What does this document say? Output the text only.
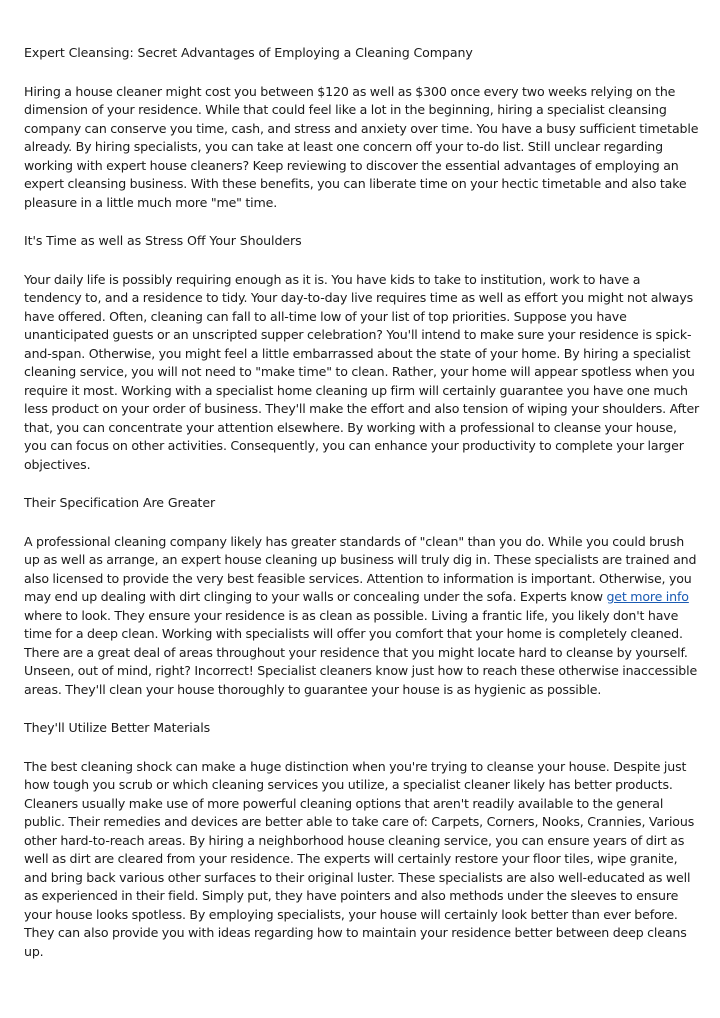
Expert Cleansing: Secret Advantages of Employing a Cleaning Company

Hiring a house cleaner might cost you between $120 as well as $300 once every two weeks relying on the dimension of your residence. While that could feel like a lot in the beginning, hiring a specialist cleansing company can conserve you time, cash, and stress and anxiety over time. You have a busy sufficient timetable already. By hiring specialists, you can take at least one concern off your to-do list. Still unclear regarding working with expert house cleaners? Keep reviewing to discover the essential advantages of employing an expert cleansing business. With these benefits, you can liberate time on your hectic timetable and also take pleasure in a little much more "me" time.

It's Time as well as Stress Off Your Shoulders

Your daily life is possibly requiring enough as it is. You have kids to take to institution, work to have a tendency to, and a residence to tidy. Your day-to-day live requires time as well as effort you might not always have offered. Often, cleaning can fall to all-time low of your list of top priorities. Suppose you have unanticipated guests or an unscripted supper celebration? You'll intend to make sure your residence is spick-and-span. Otherwise, you might feel a little embarrassed about the state of your home. By hiring a specialist cleaning service, you will not need to "make time" to clean. Rather, your home will appear spotless when you require it most. Working with a specialist home cleaning up firm will certainly guarantee you have one much less product on your order of business. They'll make the effort and also tension of wiping your shoulders. After that, you can concentrate your attention elsewhere. By working with a professional to cleanse your house, you can focus on other activities. Consequently, you can enhance your productivity to complete your larger objectives.

Their Specification Are Greater

A professional cleaning company likely has greater standards of "clean" than you do. While you could brush up as well as arrange, an expert house cleaning up business will truly dig in. These specialists are trained and also licensed to provide the very best feasible services. Attention to information is important. Otherwise, you may end up dealing with dirt clinging to your walls or concealing under the sofa. Experts know get more info where to look. They ensure your residence is as clean as possible. Living a frantic life, you likely don't have time for a deep clean. Working with specialists will offer you comfort that your home is completely cleaned. There are a great deal of areas throughout your residence that you might locate hard to cleanse by yourself. Unseen, out of mind, right? Incorrect! Specialist cleaners know just how to reach these otherwise inaccessible areas. They'll clean your house thoroughly to guarantee your house is as hygienic as possible.

They'll Utilize Better Materials

The best cleaning shock can make a huge distinction when you're trying to cleanse your house. Despite just how tough you scrub or which cleaning services you utilize, a specialist cleaner likely has better products. Cleaners usually make use of more powerful cleaning options that aren't readily available to the general public. Their remedies and devices are better able to take care of: Carpets, Corners, Nooks, Crannies, Various other hard-to-reach areas. By hiring a neighborhood house cleaning service, you can ensure years of dirt as well as dirt are cleared from your residence. The experts will certainly restore your floor tiles, wipe granite, and bring back various other surfaces to their original luster. These specialists are also well-educated as well as experienced in their field. Simply put, they have pointers and also methods under the sleeves to ensure your house looks spotless. By employing specialists, your house will certainly look better than ever before. They can also provide you with ideas regarding how to maintain your residence better between deep cleans up.
